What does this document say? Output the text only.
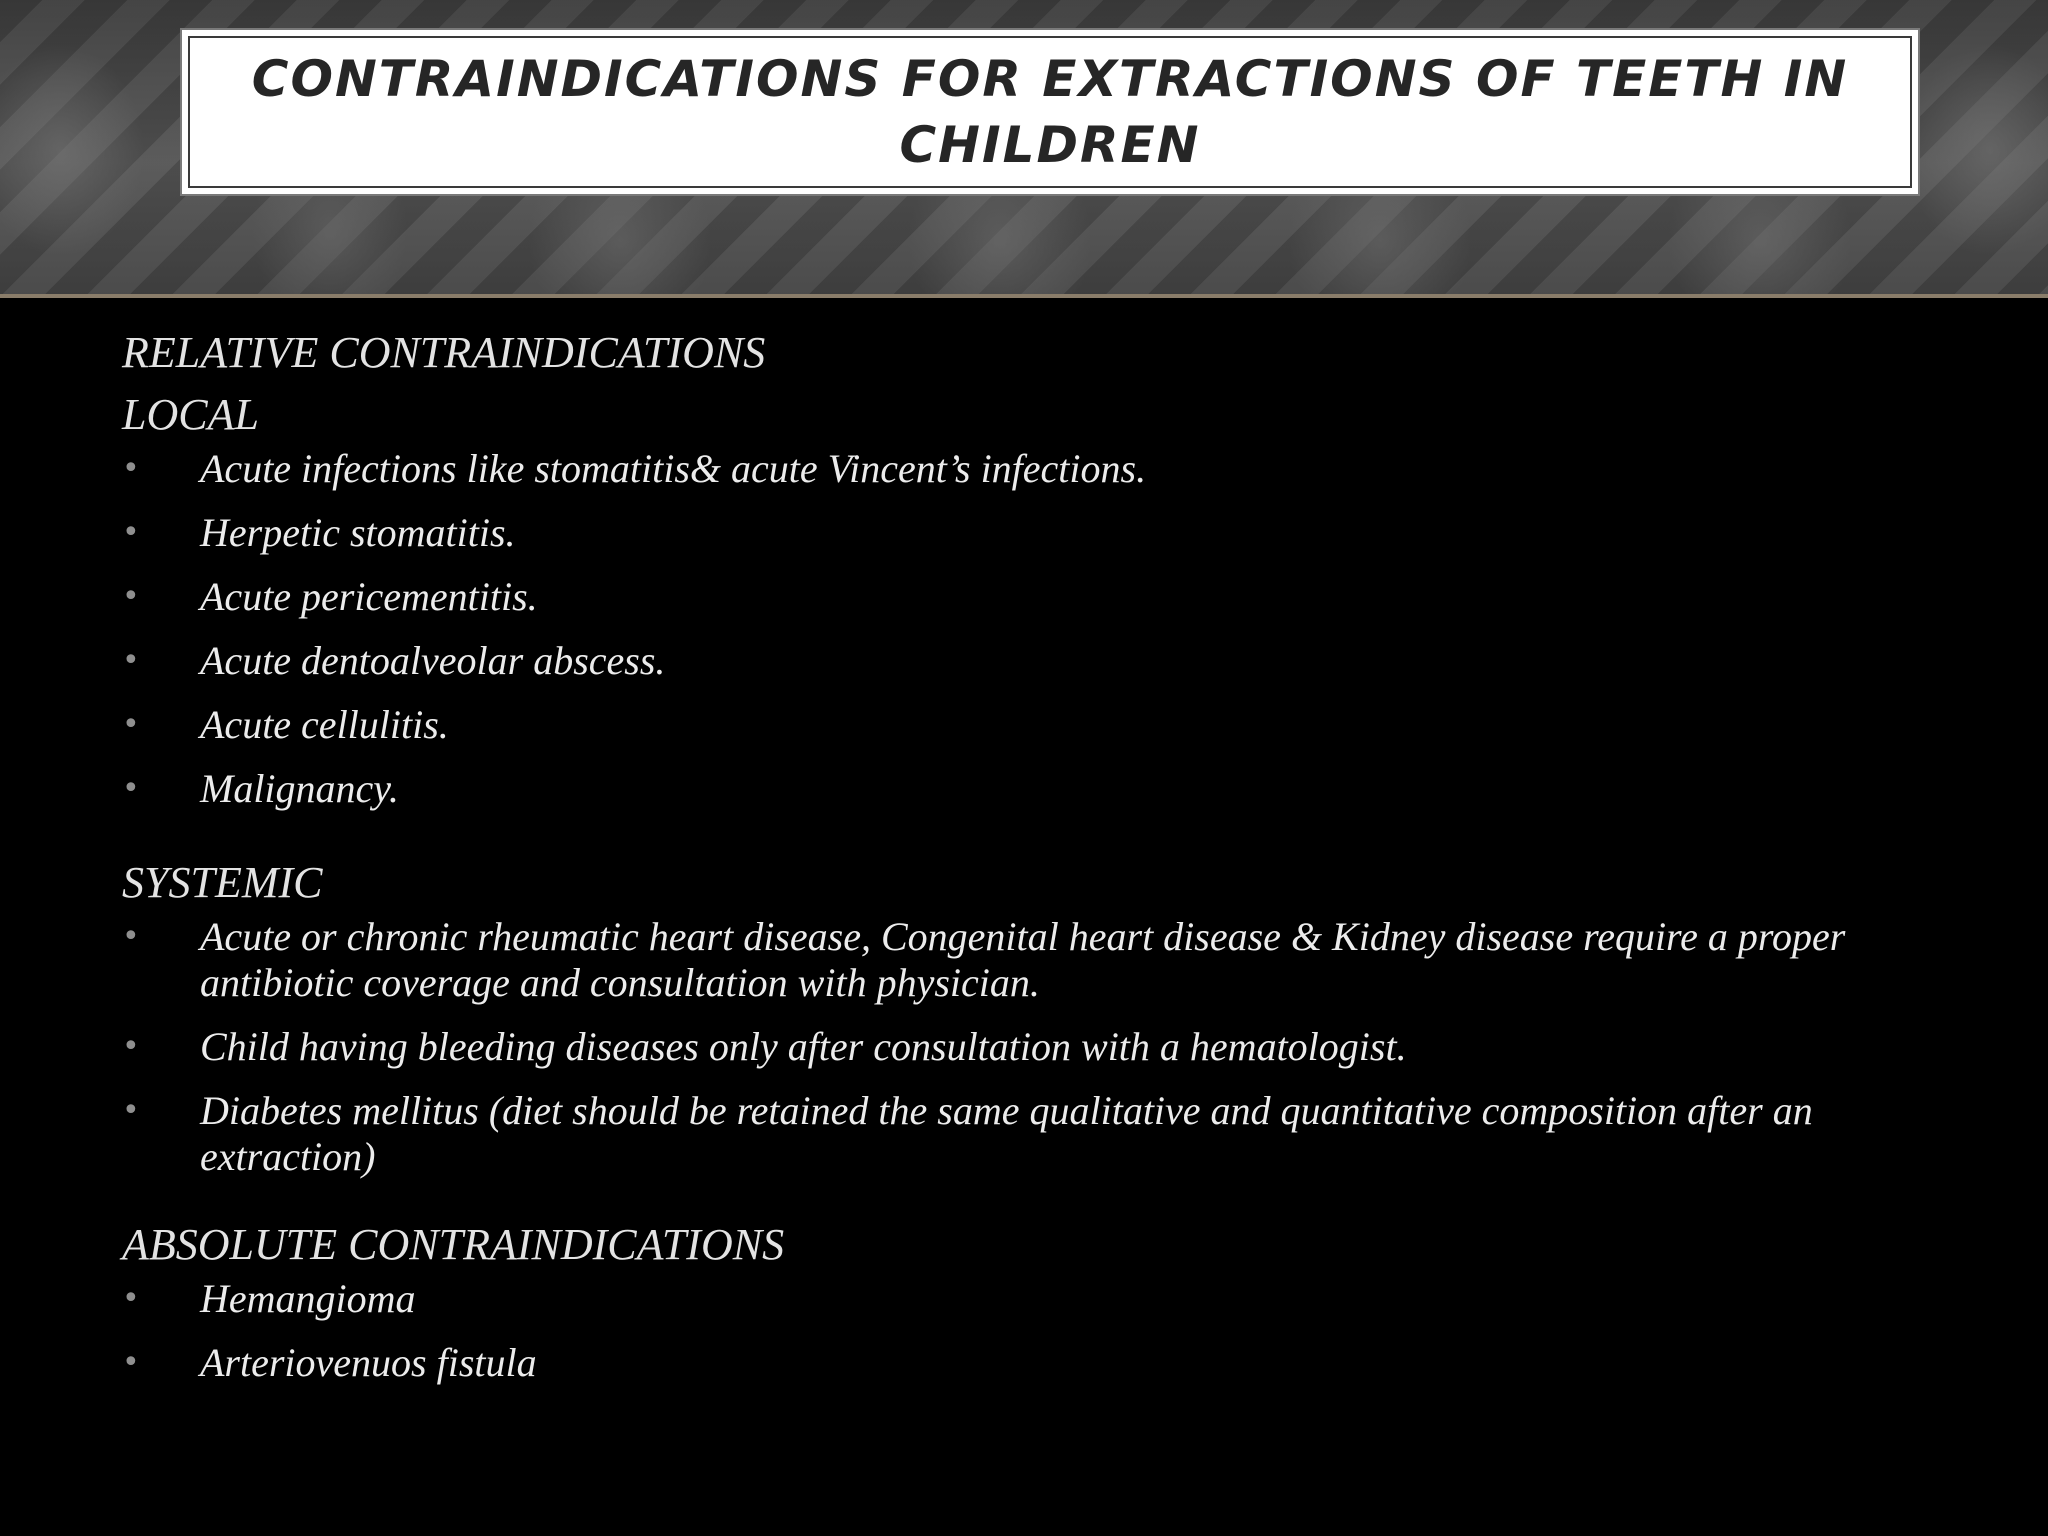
CONTRAINDICATIONS FOR EXTRACTIONS OF TEETH IN CHILDREN

RELATIVE CONTRAINDICATIONS

LOCAL

• Acute infections like stomatitis& acute Vincent’s infections.
• Herpetic stomatitis.
• Acute pericementitis.
• Acute dentoalveolar abscess.
• Acute cellulitis.
• Malignancy.

SYSTEMIC

• Acute or chronic rheumatic heart disease, Congenital heart disease & Kidney disease require a proper antibiotic coverage and consultation with physician.
• Child having bleeding diseases only after consultation with a hematologist.
• Diabetes mellitus (diet should be retained the same qualitative and quantitative composition after an extraction)

ABSOLUTE CONTRAINDICATIONS

• Hemangioma
• Arteriovenuos fistula
